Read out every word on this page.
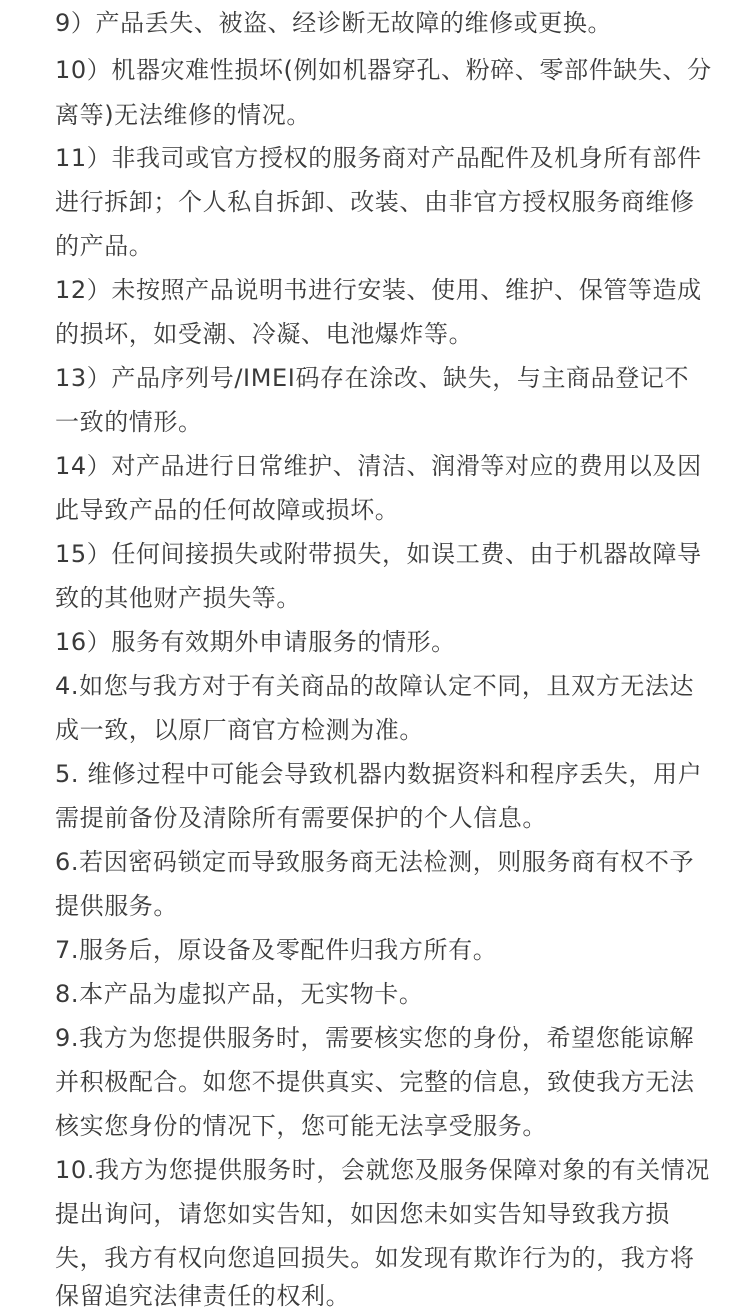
9）产品丢失、被盗、经诊断无故障的维修或更换。
10）机器灾难性损坏(例如机器穿孔、粉碎、零部件缺失、分
离等)无法维修的情况。
11）非我司或官方授权的服务商对产品配件及机身所有部件
进行拆卸；个人私自拆卸、改装、由非官方授权服务商维修
的产品。
12）未按照产品说明书进行安装、使用、维护、保管等造成
的损坏，如受潮、冷凝、电池爆炸等。
13）产品序列号/IMEI码存在涂改、缺失，与主商品登记不
一致的情形。
14）对产品进行日常维护、清洁、润滑等对应的费用以及因
此导致产品的任何故障或损坏。
15）任何间接损失或附带损失，如误工费、由于机器故障导
致的其他财产损失等。
16）服务有效期外申请服务的情形。
4.如您与我方对于有关商品的故障认定不同，且双方无法达
成一致，以原厂商官方检测为准。
5. 维修过程中可能会导致机器内数据资料和程序丢失，用户
需提前备份及清除所有需要保护的个人信息。
6.若因密码锁定而导致服务商无法检测，则服务商有权不予
提供服务。
7.服务后，原设备及零配件归我方所有。
8.本产品为虚拟产品，无实物卡。
9.我方为您提供服务时，需要核实您的身份，希望您能谅解
并积极配合。如您不提供真实、完整的信息，致使我方无法
核实您身份的情况下，您可能无法享受服务。
10.我方为您提供服务时，会就您及服务保障对象的有关情况
提出询问，请您如实告知，如因您未如实告知导致我方损
失，我方有权向您追回损失。如发现有欺诈行为的，我方将
保留追究法律责任的权利。
